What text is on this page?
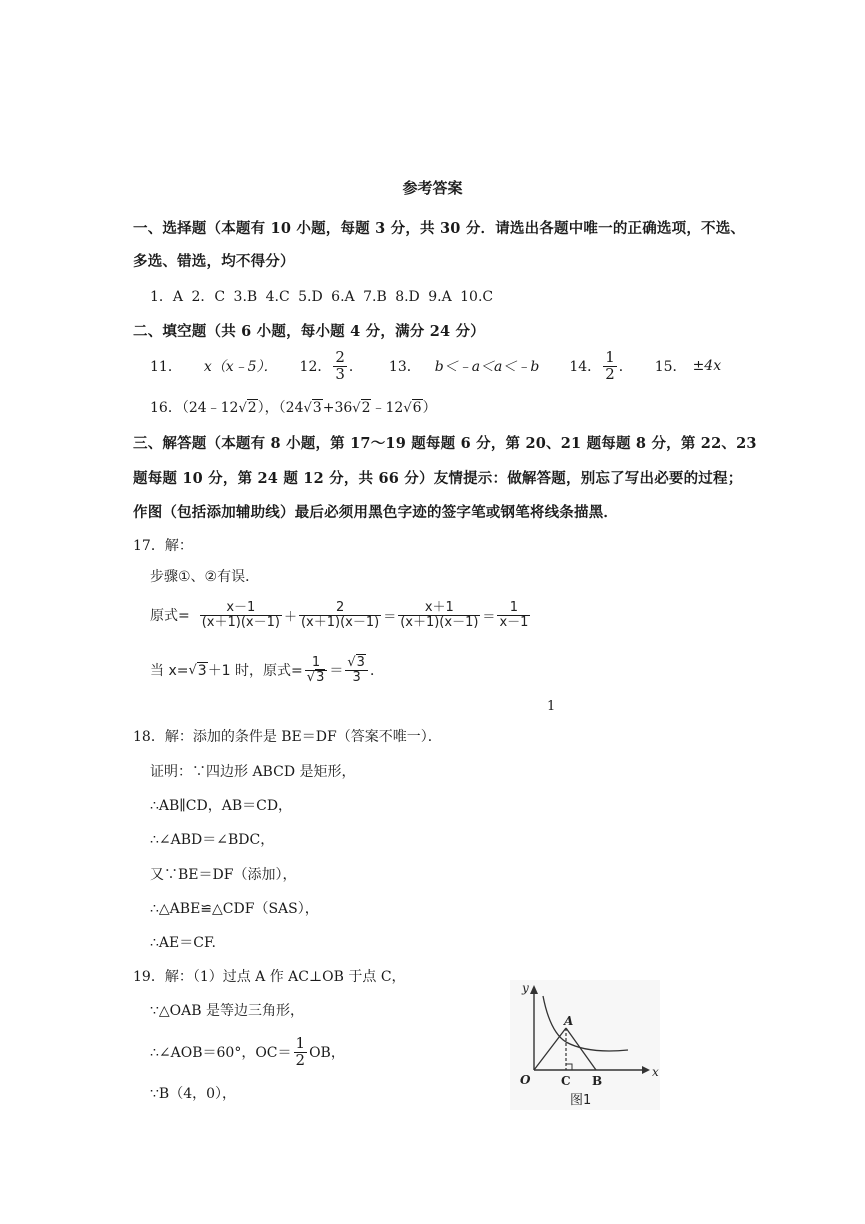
参考答案
一、选择题（本题有 10 小题，每题 3 分，共 30 分．请选出各题中唯一的正确选项，不选、
多选、错选，均不得分）
1．A 2．C 3.B 4.C 5.D 6.A 7.B 8.D 9.A 10.C
二、填空题（共 6 小题，每小题 4 分，满分 24 分）
11． x（x﹣5）． 12． $\frac{2}{3}$ ． 13． b＜﹣a＜a＜﹣b 14． $\frac{1}{2}$ ． 15． ±4x
16．（24﹣12√2），（24√3+36√2﹣12√6）
三、解答题（本题有 8 小题，第 17～19 题每题 6 分，第 20、21 题每题 8 分，第 22、23
题每题 10 分，第 24 题 12 分，共 66 分）友情提示：做解答题，别忘了写出必要的过程；
作图（包括添加辅助线）最后必须用黑色字迹的签字笔或钢笔将线条描黑．
17．解：
步骤①、②有误．
原式= $\frac{x-1}{(x+1)(x-1)} + \frac{2}{(x+1)(x-1)} = \frac{x+1}{(x+1)(x-1)} = \frac{1}{x-1}$
当 x= √ 3 ＋1 时，原式= $\frac{1}{√3} = \frac{√3}{3}$ ．
1
18．解：添加的条件是 BE＝DF（答案不唯一）．
证明：∵四边形 ABCD 是矩形，
∴AB∥CD，AB＝CD，
∴∠ABD＝∠BDC，
又∵BE＝DF（添加），
∴△ABE≌△CDF（SAS），
∴AE＝CF.
19．解：（1）过点 A 作 AC⊥OB 于点 C，
∵△OAB 是等边三角形，
∴∠AOB＝60°，$OC= \frac{1}{2}$ OB，
∵B（4，0），
y
x
O
A
C B
图1
